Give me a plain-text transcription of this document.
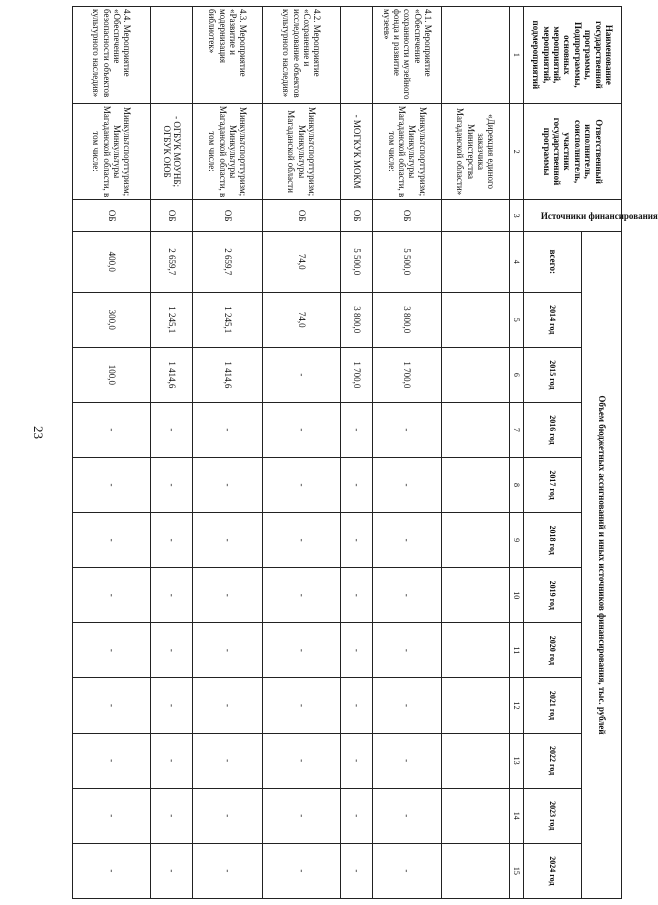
23
Наименование государственной программы, Подпрограммы, основных мероприятий, мероприятий, подмероприятий	Ответственный исполнитель, соисполнитель, участник государственной программы	Источники финансирования	Объем бюджетных ассигнований и иных источников финансирования, тыс. рублей											
			всего:	2014 год	2015 год	2016 год	2017 год	2018 год	2019 год	2020 год	2021 год	2022 год	2023 год	2024 год
1	2	3	4	5	6	7	8	9	10	11	12	13	14	15
	«Дирекция единого заказчика Министерства Магаданской области»													
4.1. Мероприятие «Обеспечение сохранности музейного фонда и развитие музеев»	Минкультспорттуризм; Минкультуры Магаданской области, в том числе:	ОБ	5 500,0	3 800,0	1 700,0	-	-	-	-	-	-	-	-	-
	- МОГКУК МОКМ	ОБ	5 500,0	3 800,0	1 700,0	-	-	-	-	-	-	-	-	-
4.2. Мероприятие «Сохранение и исследование объектов культурного наследия»	Минкультспорттуризм; Минкультуры Магаданской области	ОБ	74,0	74,0	-	-	-	-	-	-	-	-	-	-
4.3. Мероприятие «Развитие и модернизация библиотек»	Минкультспорттуризм; Минкультуры Магаданской области, в том числе:	ОБ	2 659,7	1 245,1	1 414,6	-	-	-	-	-	-	-	-	-
	- ОГБУК МОУНБ; ОГБУК ОЮБ	ОБ	2 659,7	1 245,1	1 414,6	-	-	-	-	-	-	-	-	-
4.4. Мероприятие «Обеспечение безопасности объектов культурного наследия»	Минкультспорттуризм; Минкультуры Магаданской области, в том числе:	ОБ	400,0	300,0	100,0	-	-	-	-	-	-	-	-	-
